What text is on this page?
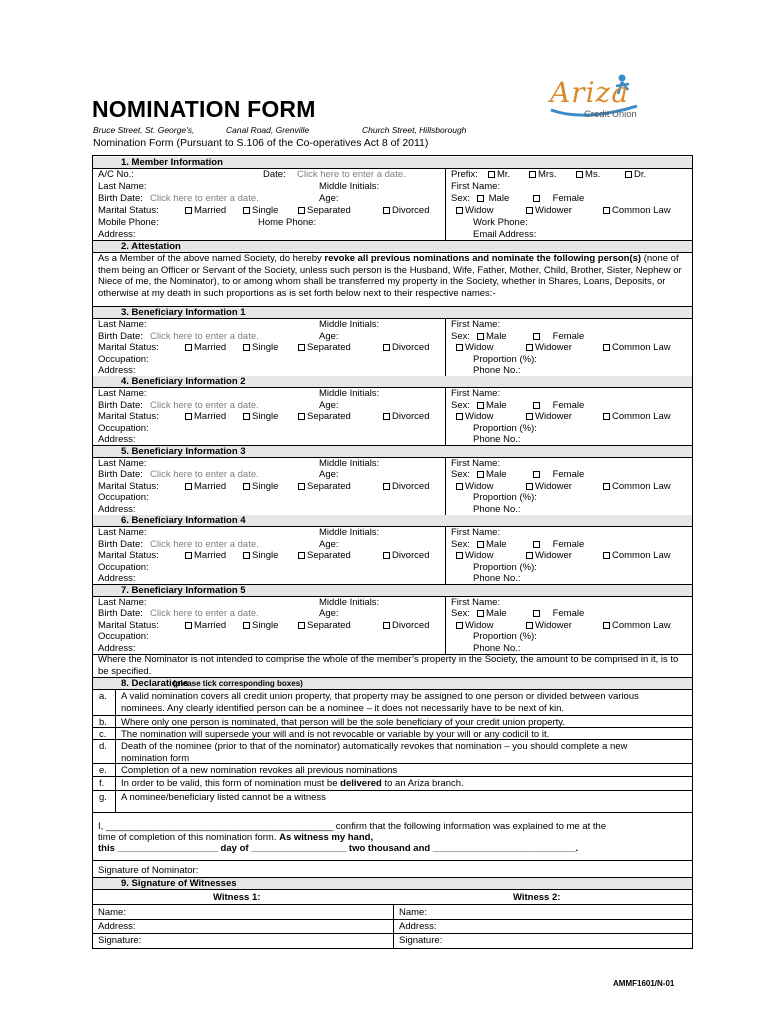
NOMINATION FORM
Bruce Street, St. George’s,	Canal Road, Grenville	Church Street, Hillsborough
Nomination Form (Pursuant to S.106 of the Co-operatives Act 8 of 2011)
Ariza
Credit Union
1. Member Information
A/C No.:	Date: Click here to enter a date.	Prefix:	Mr.	Mrs.	Ms.	Dr.
Last Name:	Middle Initials:	First Name:
Birth Date: Click here to enter a date.	Age:	Sex:	Male	Female
Marital Status:	Married	Single	Separated	Divorced	Widow	Widower	Common Law
Mobile Phone:	Home Phone:	Work Phone:
Address:	Email Address:
2. Attestation
As a Member of the above named Society, do hereby revoke all previous nominations and nominate the following person(s) (none of them being an Officer or Servant of the Society, unless such person is the Husband, Wife, Father, Mother, Child, Brother, Sister, Nephew or Niece of me, the Nominator), to or among whom shall be transferred my property in the Society, whether in Shares, Loans, Deposits, or otherwise at my death in such proportions as is set forth below next to their respective names:-
3. Beneficiary Information 1
Last Name:	Middle Initials:	First Name:
Birth Date: Click here to enter a date.	Age:	Sex:	Male	Female
Marital Status:	Married	Single	Separated	Divorced	Widow	Widower	Common Law
Occupation:	Proportion (%):
Address:	Phone No.:
4. Beneficiary Information 2
Last Name:	Middle Initials:	First Name:
Birth Date: Click here to enter a date.	Age:	Sex:	Male	Female
Marital Status:	Married	Single	Separated	Divorced	Widow	Widower	Common Law
Occupation:	Proportion (%):
Address:	Phone No.:
5. Beneficiary Information 3
Last Name:	Middle Initials:	First Name:
Birth Date: Click here to enter a date.	Age:	Sex:	Male	Female
Marital Status:	Married	Single	Separated	Divorced	Widow	Widower	Common Law
Occupation:	Proportion (%):
Address:	Phone No.:
6. Beneficiary Information 4
Last Name:	Middle Initials:	First Name:
Birth Date: Click here to enter a date.	Age:	Sex:	Male	Female
Marital Status:	Married	Single	Separated	Divorced	Widow	Widower	Common Law
Occupation:	Proportion (%):
Address:	Phone No.:
7. Beneficiary Information 5
Last Name:	Middle Initials:	First Name:
Birth Date: Click here to enter a date.	Age:	Sex:	Male	Female
Marital Status:	Married	Single	Separated	Divorced	Widow	Widower	Common Law
Occupation:	Proportion (%):
Address:	Phone No.:
Where the Nominator is not intended to comprise the whole of the member’s property in the Society, the amount to be comprised in it, is to be specified.
8. Declarations
(please tick corresponding boxes)
a. A valid nomination covers all credit union property, that property may be assigned to one person or divided between various nominees. Any clearly identified person can be a nominee – it does not necessarily have to be next of kin.
b. Where only one person is nominated, that person will be the sole beneficiary of your credit union property.
c. The nomination will supersede your will and is not revocable or variable by your will or any codicil to it.
d. Death of the nominee (prior to that of the nominator) automatically revokes that nomination – you should complete a new nomination form
e. Completion of a new nomination revokes all previous nominations
f. In order to be valid, this form of nomination must be delivered to an Ariza branch.
g. A nominee/beneficiary listed cannot be a witness
I, ___________________________________________ confirm that the following information was explained to me at the
time of completion of this nomination form. As witness my hand,
this ___________________ day of __________________ two thousand and ___________________________.
Signature of Nominator:
9. Signature of Witnesses
Witness 1:	Witness 2:
Name:	Name:
Address:	Address:
Signature:	Signature:
AMMF1601/N-01
